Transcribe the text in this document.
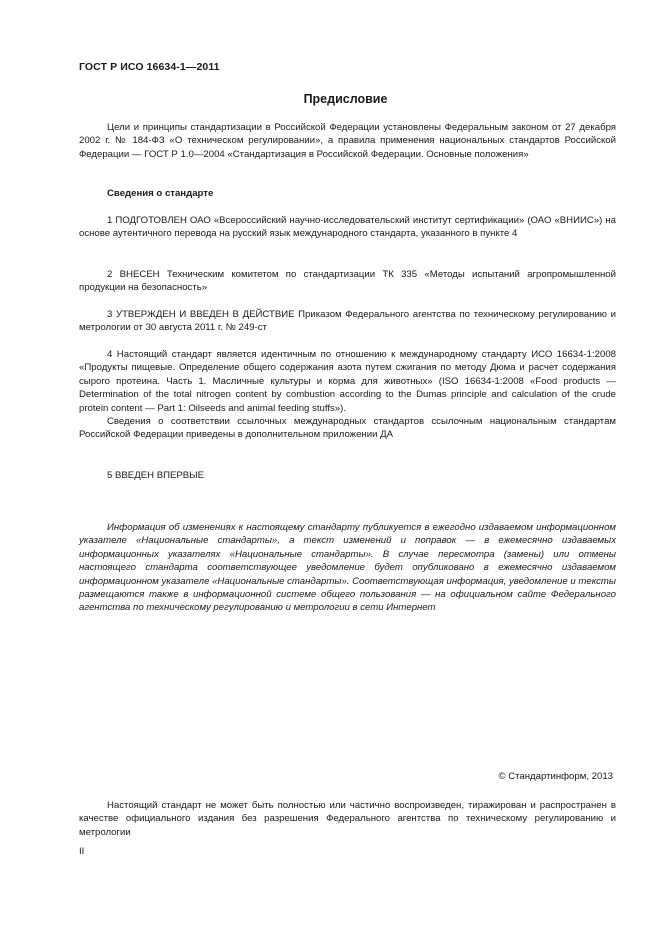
ГОСТ Р ИСО 16634-1—2011
Предисловие

Цели и принципы стандартизации в Российской Федерации установлены Федеральным законом от 27 декабря 2002 г. № 184-ФЗ «О техническом регулировании», а правила применения национальных стандартов Российской Федерации — ГОСТ Р 1.0—2004 «Стандартизация в Российской Федерации. Основные положения»

Сведения о стандарте

1 ПОДГОТОВЛЕН ОАО «Всероссийский научно-исследовательский институт сертификации» (ОАО «ВНИИС») на основе аутентичного перевода на русский язык международного стандарта, указанного в пункте 4

2 ВНЕСЕН Техническим комитетом по стандартизации ТК 335 «Методы испытаний агропромышленной продукции на безопасность»

3 УТВЕРЖДЕН И ВВЕДЕН В ДЕЙСТВИЕ Приказом Федерального агентства по техническому регулированию и метрологии от 30 августа 2011 г. № 249-ст

4 Настоящий стандарт является идентичным по отношению к международному стандарту ИСО 16634-1:2008 «Продукты пищевые. Определение общего содержания азота путем сжигания по методу Дюма и расчет содержания сырого протеина. Часть 1. Масличные культуры и корма для животных» (ISO 16634-1:2008 «Food products — Determination of the total nitrogen content by combustion according to the Dumas principle and calculation of the crude protein content — Part 1: Oilseeds and animal feeding stuffs»).

Сведения о соответствии ссылочных международных стандартов ссылочным национальным стандартам Российской Федерации приведены в дополнительном приложении ДА

5 ВВЕДЕН ВПЕРВЫЕ

Информация об изменениях к настоящему стандарту публикуется в ежегодно издаваемом информационном указателе «Национальные стандарты», а текст изменений и поправок — в ежемесячно издаваемых информационных указателях «Национальные стандарты». В случае пересмотра (замены) или отмены настоящего стандарта соответствующее уведомление будет опубликовано в ежемесячно издаваемом информационном указателе «Национальные стандарты». Соответствующая информация, уведомление и тексты размещаются также в информационной системе общего пользования — на официальном сайте Федерального агентства по техническому регулированию и метрологии в сети Интернет

© Стандартинформ, 2013

Настоящий стандарт не может быть полностью или частично воспроизведен, тиражирован и распространен в качестве официального издания без разрешения Федерального агентства по техническому регулированию и метрологии

II
